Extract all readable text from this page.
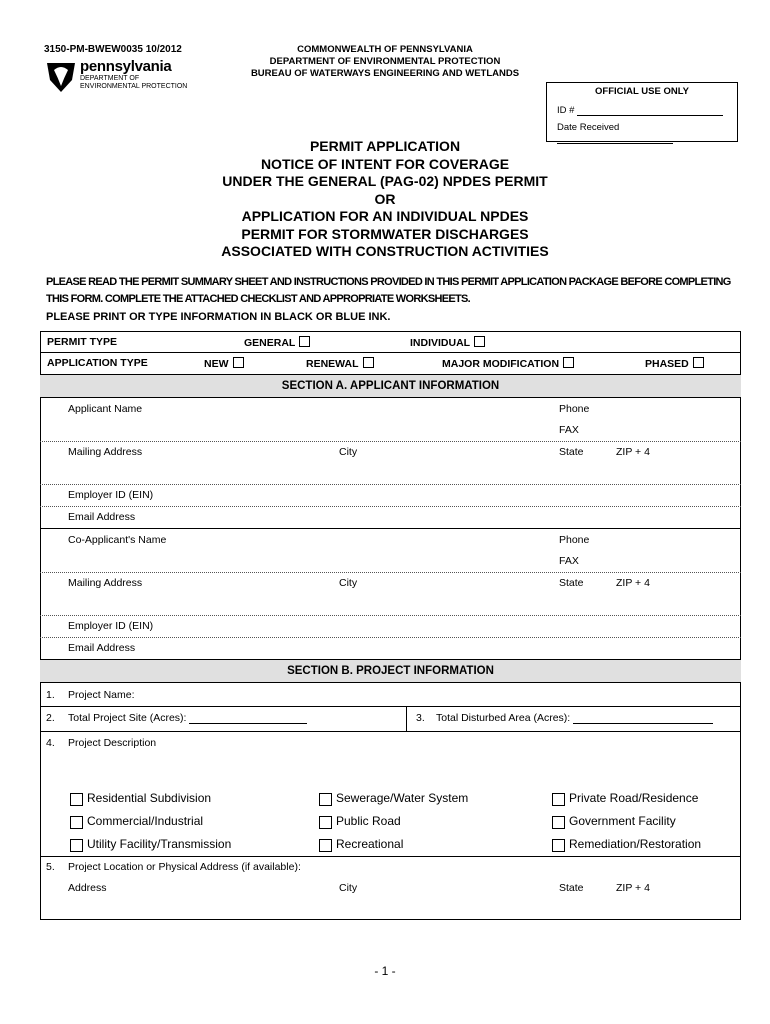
3150-PM-BWEW0035 10/2012
pennsylvania
DEPARTMENT OF ENVIRONMENTAL PROTECTION
COMMONWEALTH OF PENNSYLVANIA
DEPARTMENT OF ENVIRONMENTAL PROTECTION
BUREAU OF WATERWAYS ENGINEERING AND WETLANDS
OFFICIAL USE ONLY
ID #
Date Received
PERMIT APPLICATION
NOTICE OF INTENT FOR COVERAGE
UNDER THE GENERAL (PAG-02) NPDES PERMIT
OR
APPLICATION FOR AN INDIVIDUAL NPDES
PERMIT FOR STORMWATER DISCHARGES
ASSOCIATED WITH CONSTRUCTION ACTIVITIES
PLEASE READ THE PERMIT SUMMARY SHEET AND INSTRUCTIONS PROVIDED IN THIS PERMIT APPLICATION PACKAGE BEFORE COMPLETING THIS FORM. COMPLETE THE ATTACHED CHECKLIST AND APPROPRIATE WORKSHEETS.
PLEASE PRINT OR TYPE INFORMATION IN BLACK OR BLUE INK.
PERMIT TYPE	GENERAL	INDIVIDUAL
APPLICATION TYPE	NEW	RENEWAL	MAJOR MODIFICATION	PHASED
SECTION A. APPLICANT INFORMATION
Applicant Name	Phone
FAX
Mailing Address	City	State	ZIP + 4
Employer ID (EIN)
Email Address
Co-Applicant's Name	Phone
FAX
Mailing Address	City	State	ZIP + 4
Employer ID (EIN)
Email Address
SECTION B. PROJECT INFORMATION
1. Project Name:
2. Total Project Site (Acres):	3. Total Disturbed Area (Acres):
4. Project Description
Residential Subdivision	Sewerage/Water System	Private Road/Residence
Commercial/Industrial	Public Road	Government Facility
Utility Facility/Transmission	Recreational	Remediation/Restoration
5. Project Location or Physical Address (if available):
Address	City	State	ZIP + 4
- 1 -
